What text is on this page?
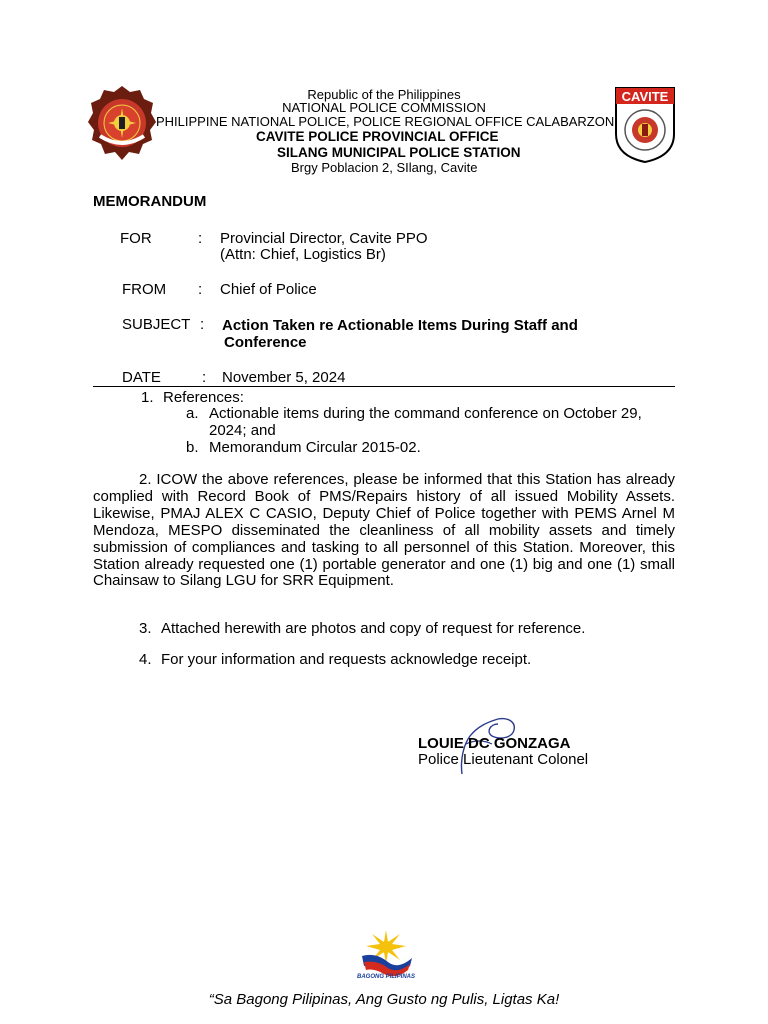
CAVITE
Republic of the Philippines
NATIONAL POLICE COMMISSION
PHILIPPINE NATIONAL POLICE, POLICE REGIONAL OFFICE CALABARZON
CAVITE POLICE PROVINCIAL OFFICE
SILANG MUNICIPAL POLICE STATION
Brgy Poblacion 2, SIlang, Cavite
MEMORANDUM
FOR	: Provincial Director, Cavite PPO
(Attn: Chief, Logistics Br)
FROM : Chief of Police
SUBJECT : Action Taken re Actionable Items During Staff and
Conference
DATE	: November 5, 2024
1. References:
a. Actionable items during the command conference on October 29,
2024; and
b. Memorandum Circular 2015-02.
2. ICOW the above references, please be informed that this Station has already complied with Record Book of PMS/Repairs history of all issued Mobility Assets. Likewise, PMAJ ALEX C CASIO, Deputy Chief of Police together with PEMS Arnel M Mendoza, MESPO disseminated the cleanliness of all mobility assets and timely submission of compliances and tasking to all personnel of this Station. Moreover, this Station already requested one (1) portable generator and one (1) big and one (1) small Chainsaw to Silang LGU for SRR Equipment.
3. Attached herewith are photos and copy of request for reference.
4. For your information and requests acknowledge receipt.
LOUIE DC GONZAGA
Police Lieutenant Colonel
BAGONG PILIPINAS
“Sa Bagong Pilipinas, Ang Gusto ng Pulis, Ligtas Ka!
